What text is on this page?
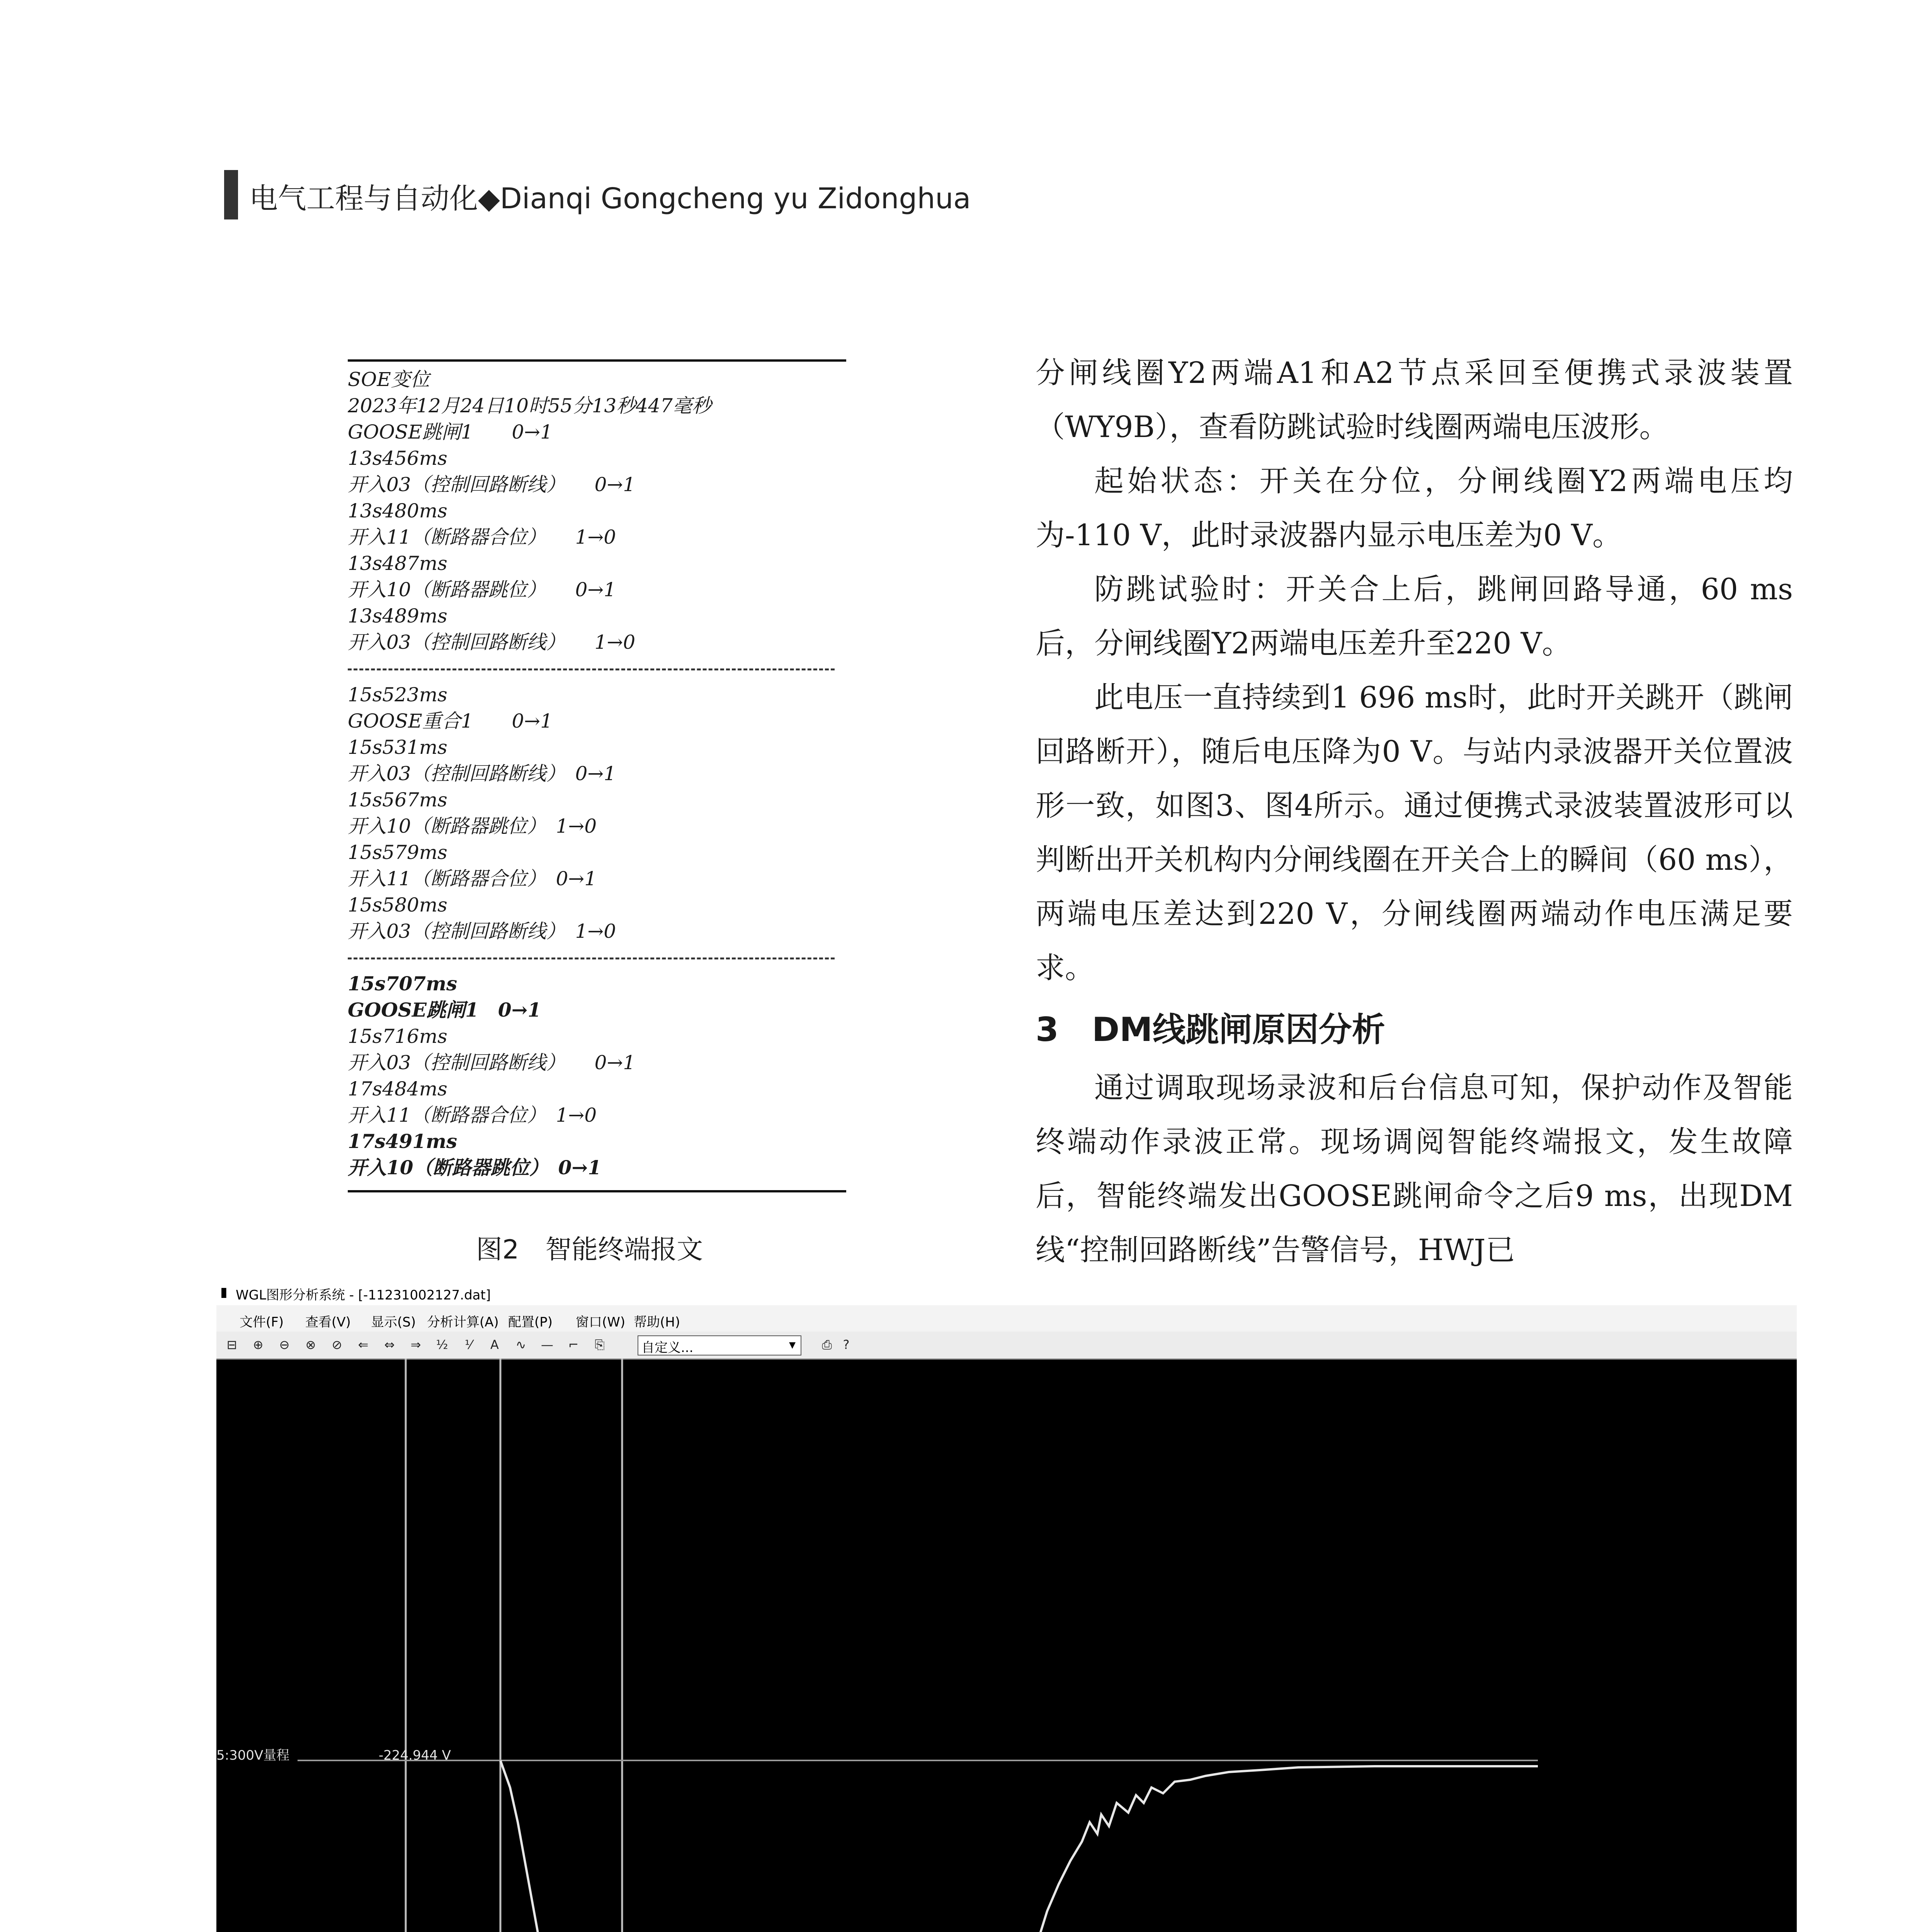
电气工程与自动化◆Dianqi Gongcheng yu Zidonghua
SOE变位
2023年12月24日10时55分13秒447毫秒
GOOSE跳闸1　　0→1
13s456ms
开入03（控制回路断线）　　0→1
13s480ms
开入11（断路器合位）　　1→0
13s487ms
开入10（断路器跳位）　　0→1
13s489ms
开入03（控制回路断线）　　1→0
15s523ms
GOOSE重合1　　0→1
15s531ms
开入03（控制回路断线）　0→1
15s567ms
开入10（断路器跳位）　1→0
15s579ms
开入11（断路器合位）　0→1
15s580ms
开入03（控制回路断线）　1→0
15s707ms
GOOSE跳闸1　0→1
15s716ms
开入03（控制回路断线）　　0→1
17s484ms
开入11（断路器合位）　1→0
17s491ms
开入10（断路器跳位）　0→1
图2　智能终端报文

分闸线圈Y2两端A1和A2节点采回至便携式录波装置（WY9B），查看防跳试验时线圈两端电压波形。

起始状态：开关在分位，分闸线圈Y2两端电压均为-110 V，此时录波器内显示电压差为0 V。

防跳试验时：开关合上后，跳闸回路导通，60 ms后，分闸线圈Y2两端电压差升至220 V。

此电压一直持续到1 696 ms时，此时开关跳开（跳闸回路断开），随后电压降为0 V。与站内录波器开关位置波形一致，如图3、图4所示。通过便携式录波装置波形可以判断出开关机构内分闸线圈在开关合上的瞬间（60 ms），两端电压差达到220 V，分闸线圈两端动作电压满足要求。

3　DM线跳闸原因分析

通过调取现场录波和后台信息可知，保护动作及智能终端动作录波正常。现场调阅智能终端报文，发生故障后，智能终端发出GOOSE跳闸命令之后9 ms，出现DM线“控制回路断线”告警信号，HWJ已

▮ WGL图形分析系统 - [-11231002127.dat]
自定义...	▾ ⎙ ?
5:300V量程	-224.944 V
文件(F) 查看(V) 显示(S) 分析计算(A) 配置(P) 窗口(W) 帮助(H)
⊟ ⊕ ⊖ ⊗ ⊘ ⇐ ⇔ ⇒ ½	⅟	A ∿ — ⌐ ⎘
